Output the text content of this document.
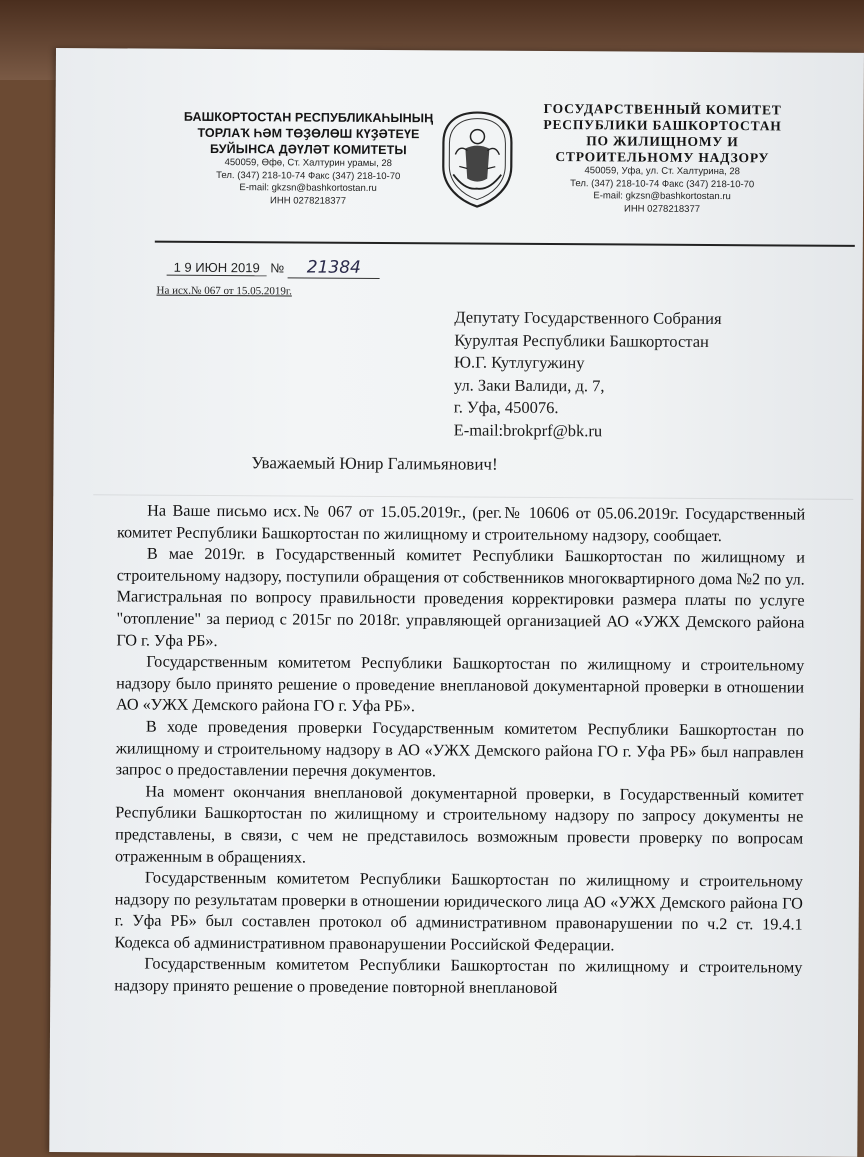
БАШКОРТОСТАН РЕСПУБЛИКАҺЫНЫҢ
ТОРЛАҠ ҺӘМ ТӨҘӨЛӨШ КҮҘӘТЕҮЕ
БУЙЫНСА ДӘҮЛӘТ КОМИТЕТЫ
450059, Өфө, Ст. Халтурин урамы, 28
Тел. (347) 218-10-74 Факс (347) 218-10-70
E-mail: gkzsn@bashkortostan.ru
ИНН 0278218377
ГОСУДАРСТВЕННЫЙ КОМИТЕТ
РЕСПУБЛИКИ БАШКОРТОСТАН
ПО ЖИЛИЩНОМУ И
СТРОИТЕЛЬНОМУ НАДЗОРУ
450059, Уфа, ул. Ст. Халтурина, 28
Тел. (347) 218-10-74 Факс (347) 218-10-70
E-mail: gkzsn@bashkortostan.ru
ИНН 0278218377
1 9 ИЮН 2019 № 21384
На исх.№ 067 от 15.05.2019г.
Депутату Государственного Собрания
Курултая Республики Башкортостан
Ю.Г. Кутлугужину
ул. Заки Валиди, д. 7,
г. Уфа, 450076.
E-mail:brokprf@bk.ru
Уважаемый Юнир Галимьянович!

На Ваше письмо исх.№ 067 от 15.05.2019г., (рег.№ 10606 от 05.06.2019г. Государственный комитет Республики Башкортостан по жилищному и строительному надзору, сообщает.

В мае 2019г. в Государственный комитет Республики Башкортостан по жилищному и строительному надзору, поступили обращения от собственников многоквартирного дома №2 по ул. Магистральная по вопросу правильности проведения корректировки размера платы по услуге "отопление" за период с 2015г по 2018г. управляющей организацией АО «УЖХ Демского района ГО г. Уфа РБ».

Государственным комитетом Республики Башкортостан по жилищному и строительному надзору было принято решение о проведение внеплановой документарной проверки в отношении АО «УЖХ Демского района ГО г. Уфа РБ».

В ходе проведения проверки Государственным комитетом Республики Башкортостан по жилищному и строительному надзору в АО «УЖХ Демского района ГО г. Уфа РБ» был направлен запрос о предоставлении перечня документов.

На момент окончания внеплановой документарной проверки, в Государственный комитет Республики Башкортостан по жилищному и строительному надзору по запросу документы не представлены, в связи, с чем не представилось возможным провести проверку по вопросам отраженным в обращениях.

Государственным комитетом Республики Башкортостан по жилищному и строительному надзору по результатам проверки в отношении юридического лица АО «УЖХ Демского района ГО г. Уфа РБ» был составлен протокол об административном правонарушении по ч.2 ст. 19.4.1 Кодекса об административном правонарушении Российской Федерации.

Государственным комитетом Республики Башкортостан по жилищному и строительному надзору принято решение о проведение повторной внеплановой
